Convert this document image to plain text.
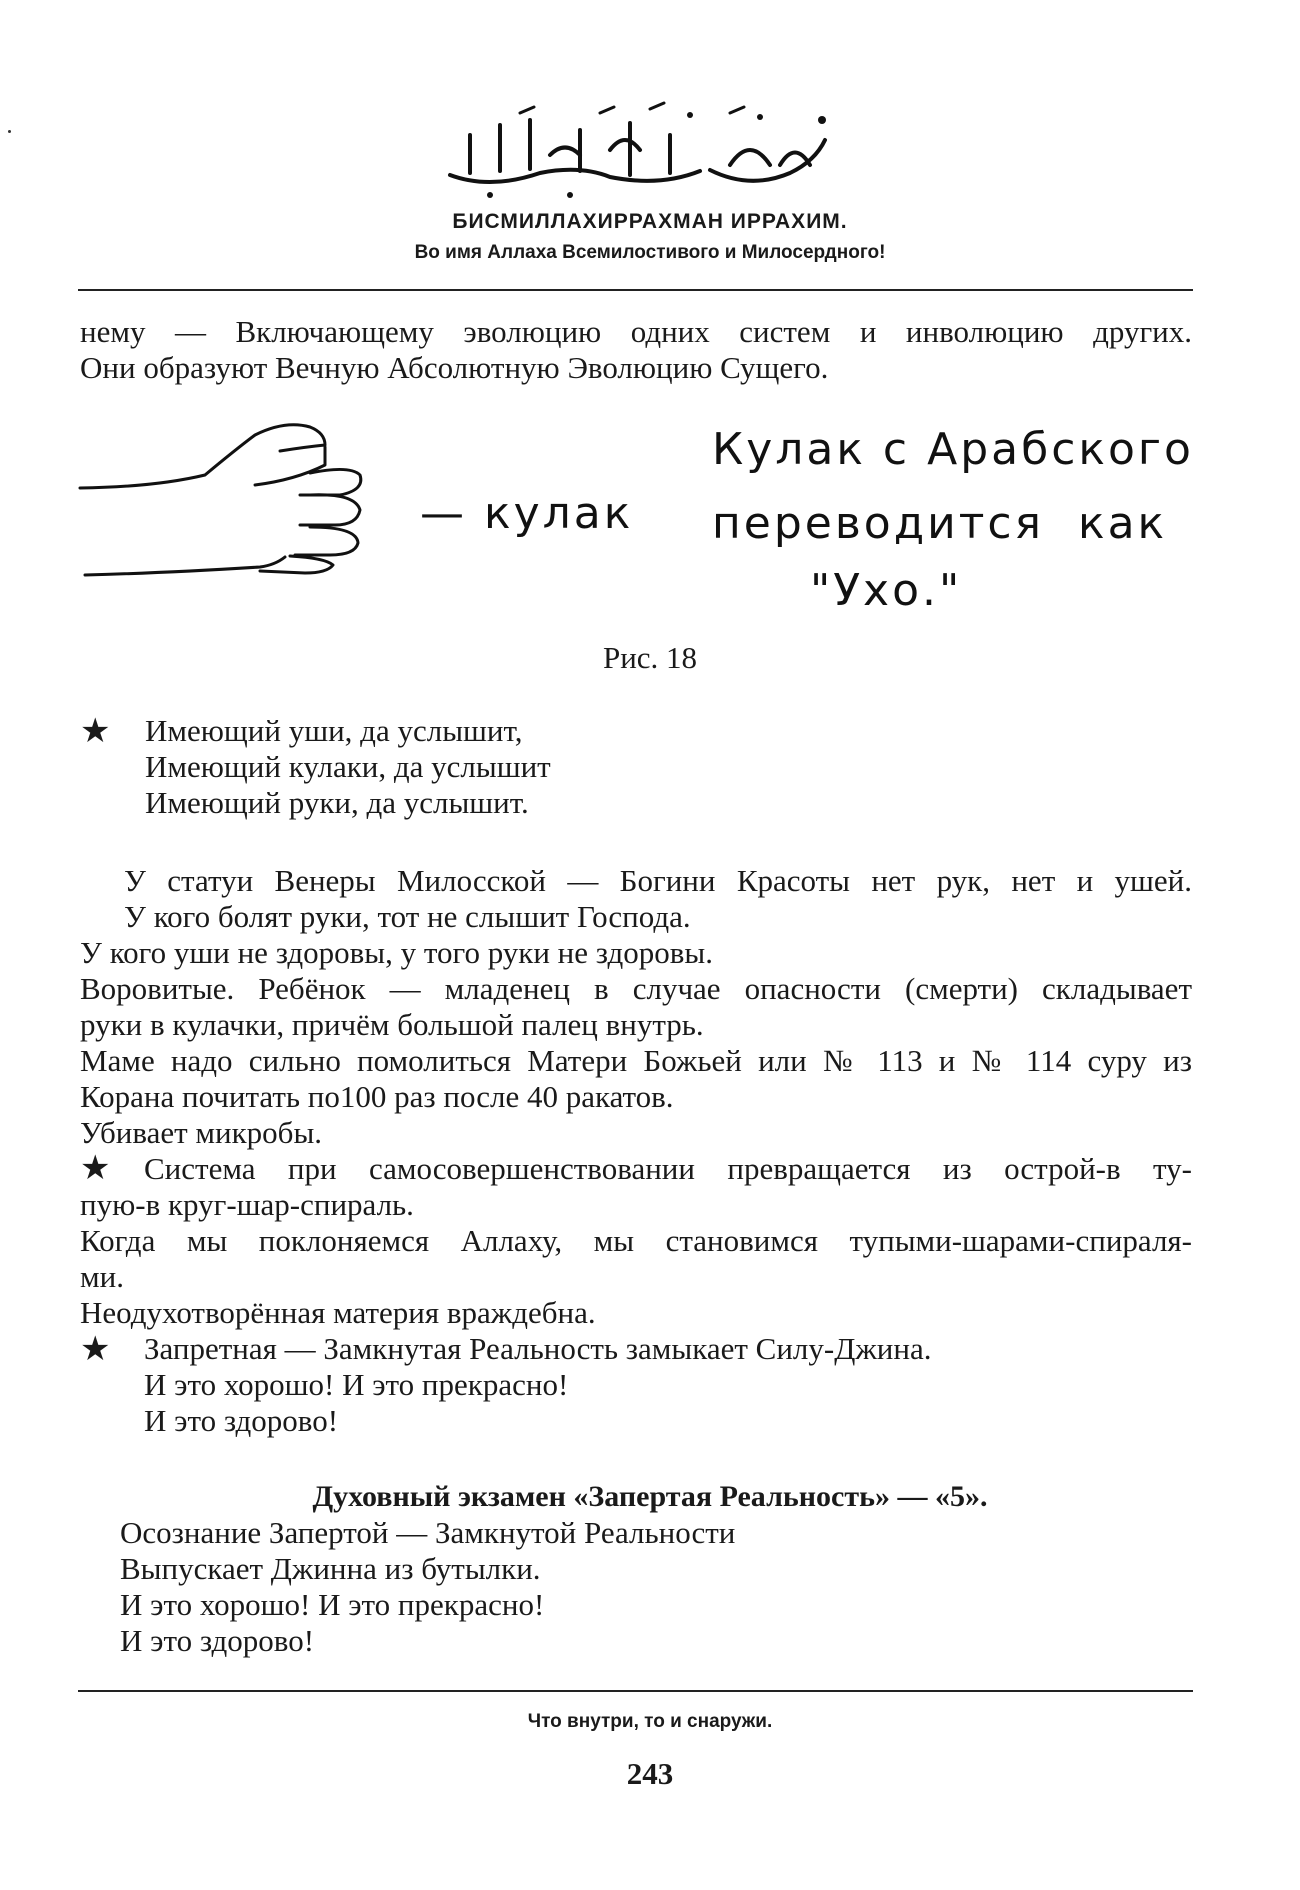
БИСМИЛЛАХИРРАХМАН ИРРАХИМ.
Во имя Аллаха Всемилостивого и Милосердного!
нему — Включающему эволюцию одних систем и инволюцию других.
Они образуют Вечную Абсолютную Эволюцию Сущего.
— кулак
Кулак с Арабского
переводится как
"Ухо."
Рис. 18
★ Имеющий уши, да услышит,
Имеющий кулаки, да услышит
Имеющий руки, да услышит.
У статуи Венеры Милосской — Богини Красоты нет рук, нет и ушей.
У кого болят руки, тот не слышит Господа.
У кого уши не здоровы, у того руки не здоровы.
Воровитые. Ребёнок — младенец в случае опасности (смерти) складывает
руки в кулачки, причём большой палец внутрь.
Маме надо сильно помолиться Матери Божьей или № 113 и № 114 суру из
Корана почитать по100 раз после 40 ракатов.
Убивает микробы.
Система при самосовершенствовании превращается из острой-в ту-
пую-в круг-шар-спираль.
Когда мы поклоняемся Аллаху, мы становимся тупыми-шарами-спираля-
ми.
Неодухотворённая материя враждебна.
Запретная — Замкнутая Реальность замыкает Силу-Джина.
И это хорошо! И это прекрасно!
И это здорово!
★
★
Духовный экзамен «Запертая Реальность» — «5».
Осознание Запертой — Замкнутой Реальности
Выпускает Джинна из бутылки.
И это хорошо! И это прекрасно!
И это здорово!
Что внутри, то и снаружи.
243
